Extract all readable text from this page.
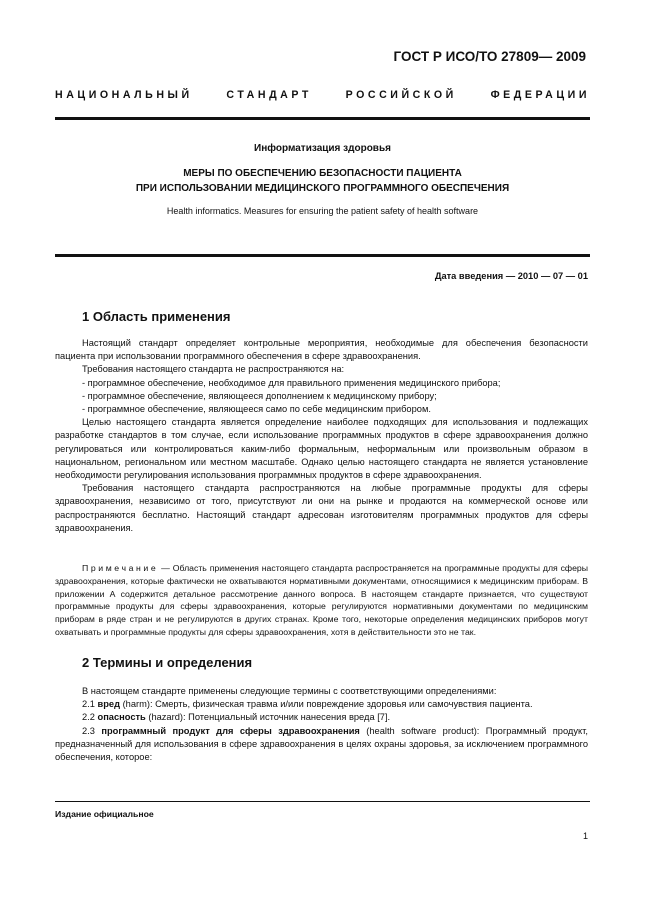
ГОСТ Р ИСО/ТО 27809— 2009
НАЦИОНАЛЬНЫЙ СТАНДАРТ РОССИЙСКОЙ ФЕДЕРАЦИИ
Информатизация здоровья
МЕРЫ ПО ОБЕСПЕЧЕНИЮ БЕЗОПАСНОСТИ ПАЦИЕНТА
ПРИ ИСПОЛЬЗОВАНИИ МЕДИЦИНСКОГО ПРОГРАММНОГО ОБЕСПЕЧЕНИЯ
Health informatics. Measures for ensuring the patient safety of health software
Дата введения — 2010 — 07 — 01
1 Область применения

Настоящий стандарт определяет контрольные мероприятия, необходимые для обеспечения безопасности пациента при использовании программного обеспечения в сфере здравоохранения.

Требования настоящего стандарта не распространяются на:

- программное обеспечение, необходимое для правильного применения медицинского прибора;

- программное обеспечение, являющееся дополнением к медицинскому прибору;

- программное обеспечение, являющееся само по себе медицинским прибором.

Целью настоящего стандарта является определение наиболее подходящих для использования и подлежащих разработке стандартов в том случае, если использование программных продуктов в сфере здравоохранения должно регулироваться или контролироваться каким-либо формальным, неформальным или произвольным образом в национальном, региональном или местном масштабе. Однако целью настоящего стандарта не является установление необходимости регулирования использования программных продуктов в сфере здравоохранения.

Требования настоящего стандарта распространяются на любые программные продукты для сферы здравоохранения, независимо от того, присутствуют ли они на рынке и продаются на коммерческой основе или распространяются бесплатно. Настоящий стандарт адресован изготовителям программных продуктов для сферы здравоохранения.

Примечание — Область применения настоящего стандарта распространяется на программные продукты для сферы здравоохранения, которые фактически не охватываются нормативными документами, относящимися к медицинским приборам. В приложении А содержится детальное рассмотрение данного вопроса. В настоящем стандарте признается, что существуют программные продукты для сферы здравоохранения, которые регулируются нормативными документами по медицинским приборам в ряде стран и не регулируются в других странах. Кроме того, некоторые определения медицинских приборов могут охватывать и программные продукты для сферы здравоохранения, хотя в действительности это не так.

2 Термины и определения

В настоящем стандарте применены следующие термины с соответствующими определениями:

2.1 вред (harm): Смерть, физическая травма и/или повреждение здоровья или самочувствия пациента.

2.2 опасность (hazard): Потенциальный источник нанесения вреда [7].

2.3 программный продукт для сферы здравоохранения (health software product): Программный продукт, предназначенный для использования в сфере здравоохранения в целях охраны здоровья, за исключением программного обеспечения, которое:

Издание официальное
1
